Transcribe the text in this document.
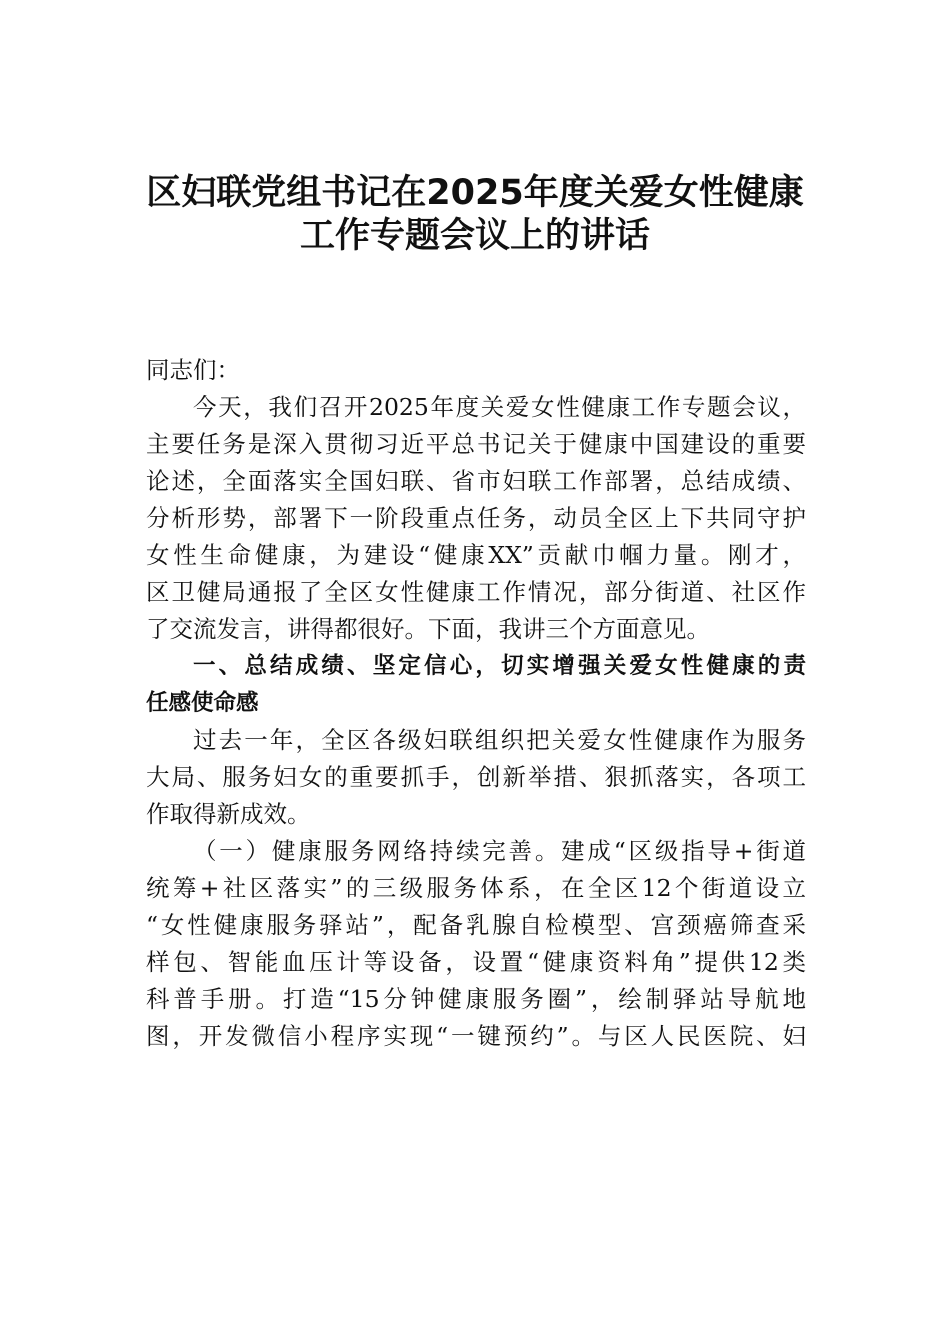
区妇联党组书记在2025年度关爱女性健康
工作专题会议上的讲话
同志们：
今天，我们召开2025年度关爱女性健康工作专题会议，
主要任务是深入贯彻习近平总书记关于健康中国建设的重要
论述，全面落实全国妇联、省市妇联工作部署，总结成绩、
分析形势，部署下一阶段重点任务，动员全区上下共同守护
女性生命健康，为建设“健康XX”贡献巾帼力量。刚才，
区卫健局通报了全区女性健康工作情况，部分街道、社区作
了交流发言，讲得都很好。下面，我讲三个方面意见。
一、总结成绩、坚定信心，切实增强关爱女性健康的责
任感使命感
过去一年，全区各级妇联组织把关爱女性健康作为服务
大局、服务妇女的重要抓手，创新举措、狠抓落实，各项工
作取得新成效。
（一）健康服务网络持续完善。建成“区级指导+街道
统筹+社区落实”的三级服务体系，在全区12个街道设立
“女性健康服务驿站”，配备乳腺自检模型、宫颈癌筛查采
样包、智能血压计等设备，设置“健康资料角”提供12类
科普手册。打造“15分钟健康服务圈”，绘制驿站导航地
图，开发微信小程序实现“一键预约”。与区人民医院、妇
